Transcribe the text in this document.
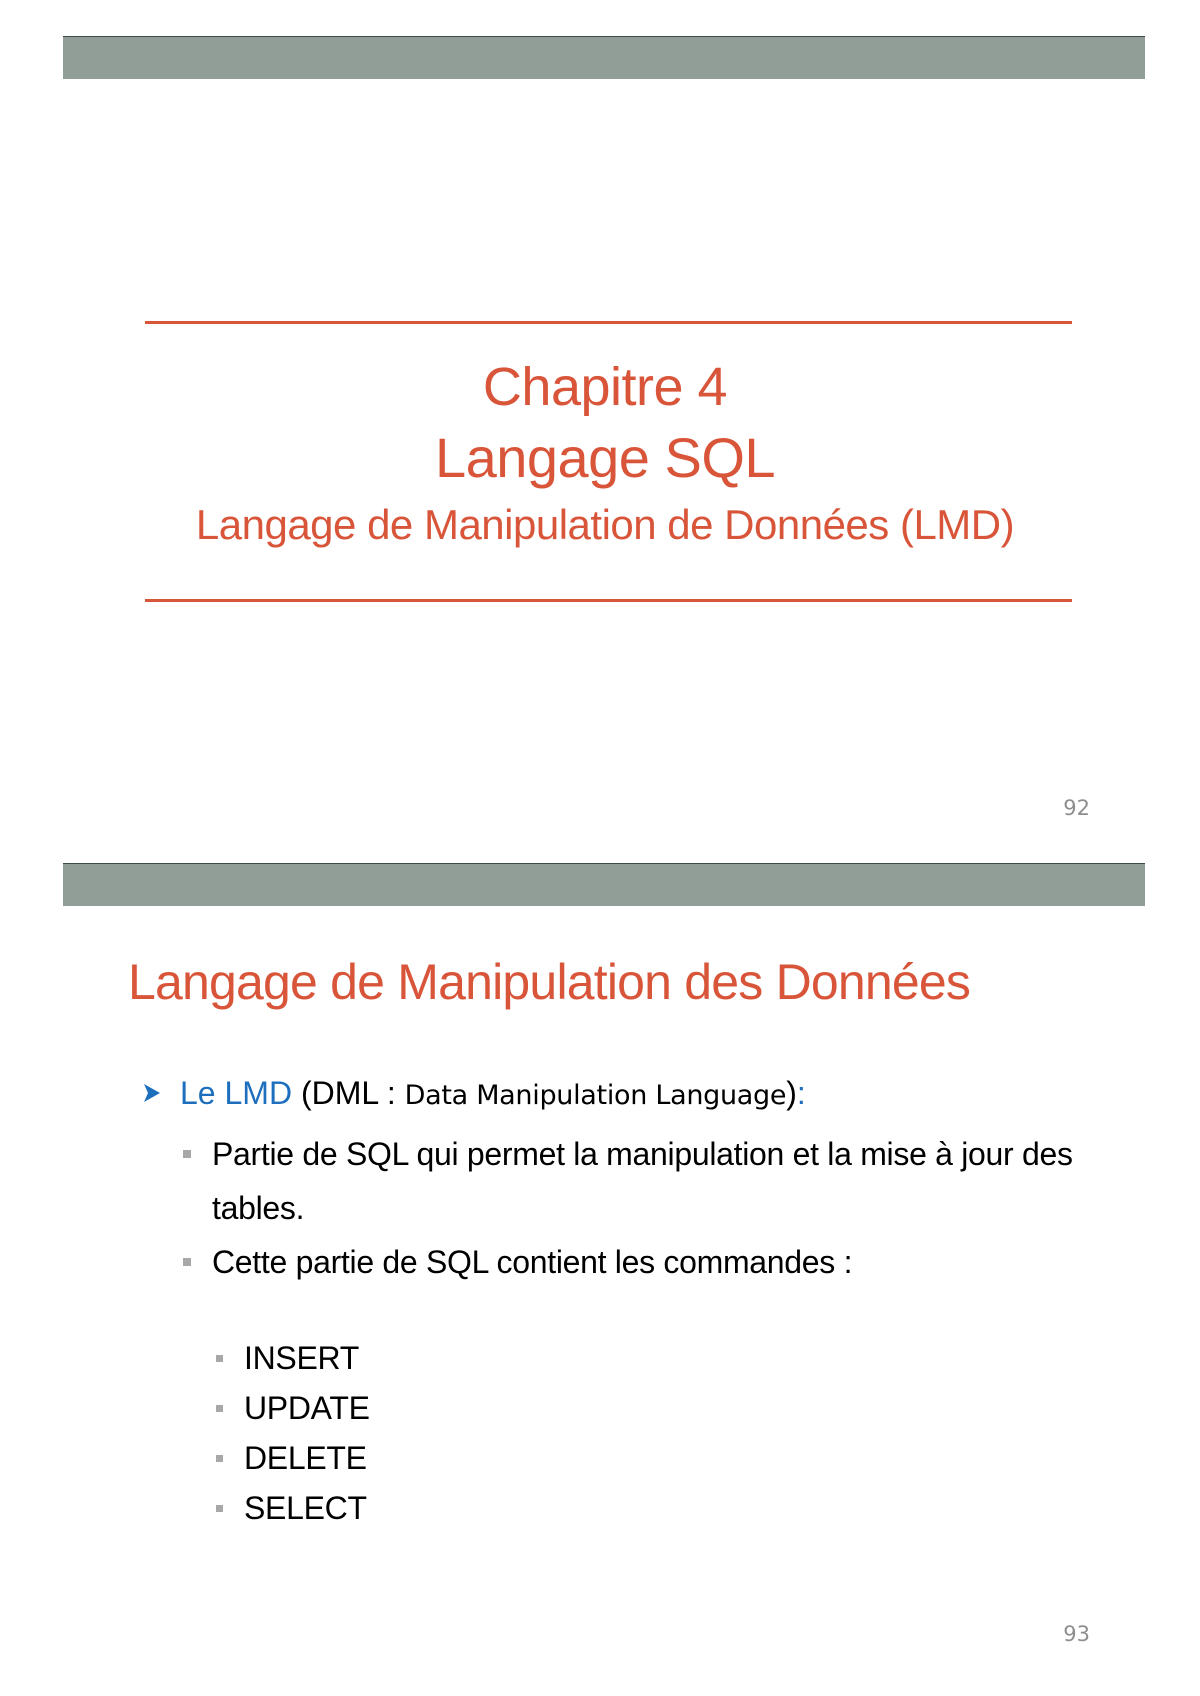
Chapitre 4
Langage SQL
Langage de Manipulation de Données (LMD)
92
Langage de Manipulation des Données
Le LMD (DML : Data Manipulation Language):
Partie de SQL qui permet la manipulation et la mise à jour des tables.
Cette partie de SQL contient les commandes :
INSERT
UPDATE
DELETE
SELECT
93
